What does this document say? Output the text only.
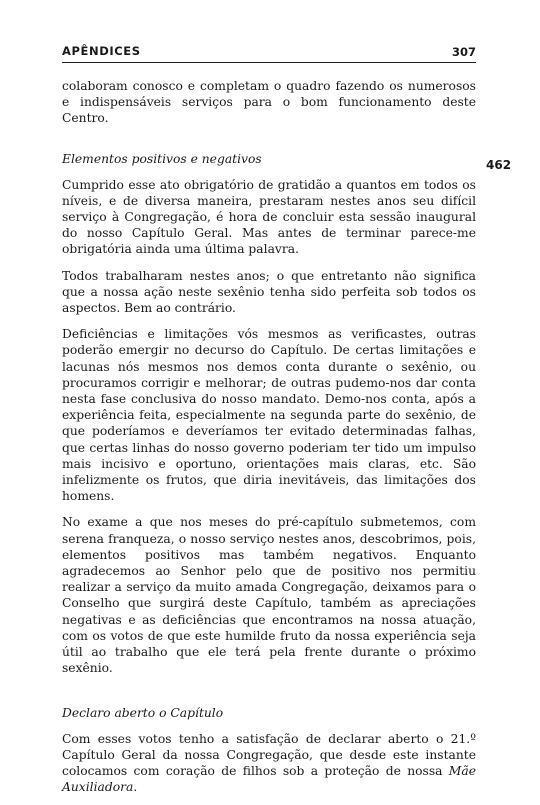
APÊNDICES	307
462

colaboram conosco e completam o quadro fazendo os numerosos e indispensáveis serviços para o bom funcionamento deste Centro.

Elementos positivos e negativos

Cumprido esse ato obrigatório de gratidão a quantos em todos os níveis, e de diversa maneira, prestaram nestes anos seu difícil serviço à Congregação, é hora de concluir esta sessão inaugural do nosso Capítulo Geral. Mas antes de terminar parece-me obrigatória ainda uma última palavra.

Todos trabalharam nestes anos; o que entretanto não significa que a nossa ação neste sexênio tenha sido perfeita sob todos os aspectos. Bem ao contrário.

Deficiências e limitações vós mesmos as verificastes, outras poderão emergir no decurso do Capítulo. De certas limitações e lacunas nós mesmos nos demos conta durante o sexênio, ou procuramos corrigir e melhorar; de outras pudemo-nos dar conta nesta fase conclusiva do nosso mandato. Demo-nos conta, após a experiência feita, especialmente na segunda parte do sexênio, de que poderíamos e deveríamos ter evitado determinadas falhas, que certas linhas do nosso governo poderiam ter tido um impulso mais incisivo e oportuno, orientações mais claras, etc. São infelizmente os frutos, que diria inevitáveis, das limitações dos homens.

No exame a que nos meses do pré-capítulo submetemos, com serena franqueza, o nosso serviço nestes anos, descobrimos, pois, elementos positivos mas também negativos. Enquanto agradecemos ao Senhor pelo que de positivo nos permitiu realizar a serviço da muito amada Congregação, deixamos para o Conselho que surgirá deste Capítulo, também as apreciações negativas e as deficiências que encontramos na nossa atuação, com os votos de que este humilde fruto da nossa experiência seja útil ao trabalho que ele terá pela frente durante o próximo sexênio.

Declaro aberto o Capítulo

Com esses votos tenho a satisfação de declarar aberto o 21.º Capítulo Geral da nossa Congregação, que desde este instante colocamos com coração de filhos sob a proteção de nossa Mãe Auxiliadora.
